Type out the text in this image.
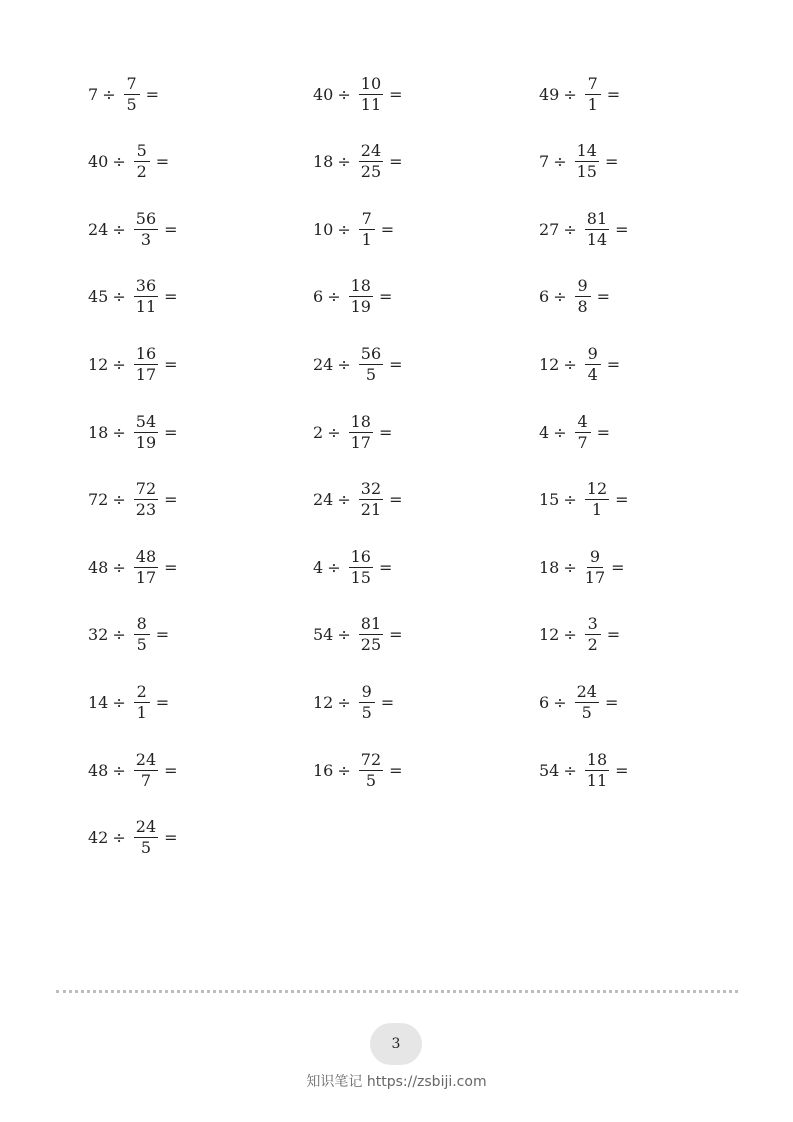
$7 \div \frac{7}{5}$ =	$40 \div \frac{10}{11}$ =	$49 \div \frac{7}{1}$ =
$40 \div \frac{5}{2}$ =	$18 \div \frac{24}{25}$ =	$7 \div \frac{14}{15}$ =
$24 \div \frac{56}{3}$ =	$10 \div \frac{7}{1}$ =	$27 \div \frac{81}{14}$ =
$45 \div \frac{36}{11}$ =	$6 \div \frac{18}{19}$ =	$6 \div \frac{9}{8}$ =
$12 \div \frac{16}{17}$ =	$24 \div \frac{56}{5}$ =	$12 \div \frac{9}{4}$ =
$18 \div \frac{54}{19}$ =	$2 \div \frac{18}{17}$ =	$4 \div \frac{4}{7}$ =
$72 \div \frac{72}{23}$ =	$24 \div \frac{32}{21}$ =	$15 \div \frac{12}{1}$ =
$48 \div \frac{48}{17}$ =	$4 \div \frac{16}{15}$ =	$18 \div \frac{9}{17}$ =
$32 \div \frac{8}{5}$ =	$54 \div \frac{81}{25}$ =	$12 \div \frac{3}{2}$ =
$14 \div \frac{2}{1}$ =	$12 \div \frac{9}{5}$ =	$6 \div \frac{24}{5}$ =
$48 \div \frac{24}{7}$ =	$16 \div \frac{72}{5}$ =	$54 \div \frac{18}{11}$ =
$42 \div \frac{24}{5}$ =
3
知识笔记 https://zsbiji.com
